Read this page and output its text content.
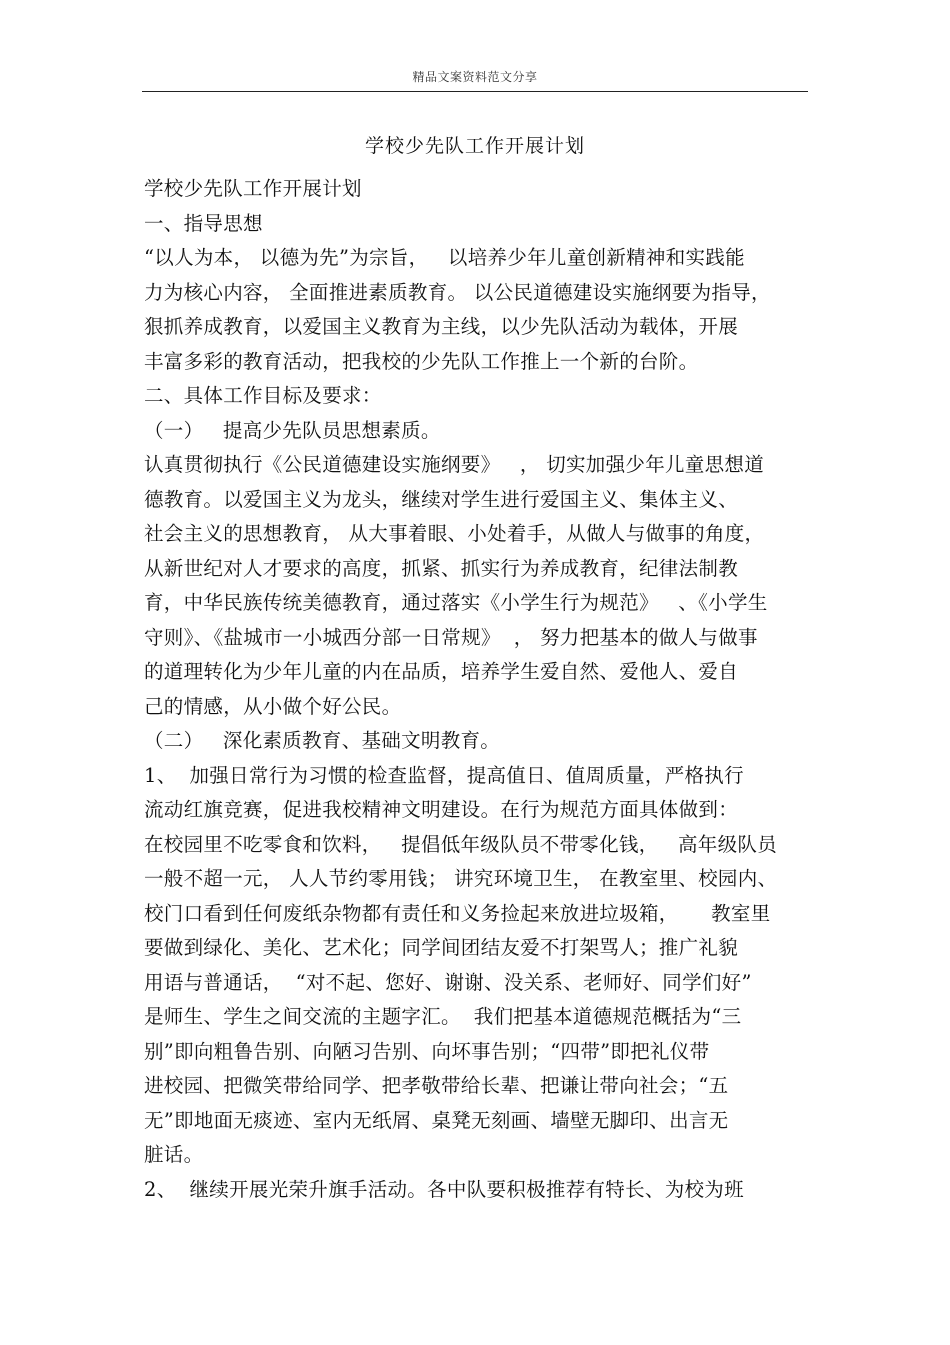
精品文案资料范文分享
学校少先队工作开展计划
学校少先队工作开展计划
一、指导思想
“以人为本， 以德为先”为宗旨，   以培养少年儿童创新精神和实践能
力为核心内容， 全面推进素质教育。 以公民道德建设实施纲要为指导，
狠抓养成教育，以爱国主义教育为主线，以少先队活动为载体，开展
丰富多彩的教育活动，把我校的少先队工作推上一个新的台阶。
二、具体工作目标及要求：
（一）   提高少先队员思想素质。
认真贯彻执行《公民道德建设实施纲要》   ， 切实加强少年儿童思想道
德教育。以爱国主义为龙头，继续对学生进行爱国主义、集体主义、
社会主义的思想教育， 从大事着眼、小处着手，从做人与做事的角度，
从新世纪对人才要求的高度，抓紧、抓实行为养成教育，纪律法制教
育，中华民族传统美德教育，通过落实《小学生行为规范》   、《小学生
守则》、《盐城市一小城西分部一日常规》  ， 努力把基本的做人与做事
的道理转化为少年儿童的内在品质，培养学生爱自然、爱他人、爱自
己的情感，从小做个好公民。
（二）   深化素质教育、基础文明教育。
1、  加强日常行为习惯的检查监督，提高值日、值周质量，严格执行
流动红旗竞赛，促进我校精神文明建设。在行为规范方面具体做到：
在校园里不吃零食和饮料，   提倡低年级队员不带零化钱，   高年级队员
一般不超一元， 人人节约零用钱； 讲究环境卫生， 在教室里、校园内、
校门口看到任何废纸杂物都有责任和义务捡起来放进垃圾箱，     教室里
要做到绿化、美化、艺术化；同学间团结友爱不打架骂人；推广礼貌
用语与普通话，  “对不起、您好、谢谢、没关系、老师好、同学们好”
是师生、学生之间交流的主题字汇。  我们把基本道德规范概括为“三
别”即向粗鲁告别、向陋习告别、向坏事告别；“四带”即把礼仪带
进校园、把微笑带给同学、把孝敬带给长辈、把谦让带向社会；“五
无”即地面无痰迹、室内无纸屑、桌凳无刻画、墙壁无脚印、出言无
脏话。
2、  继续开展光荣升旗手活动。各中队要积极推荐有特长、为校为班
